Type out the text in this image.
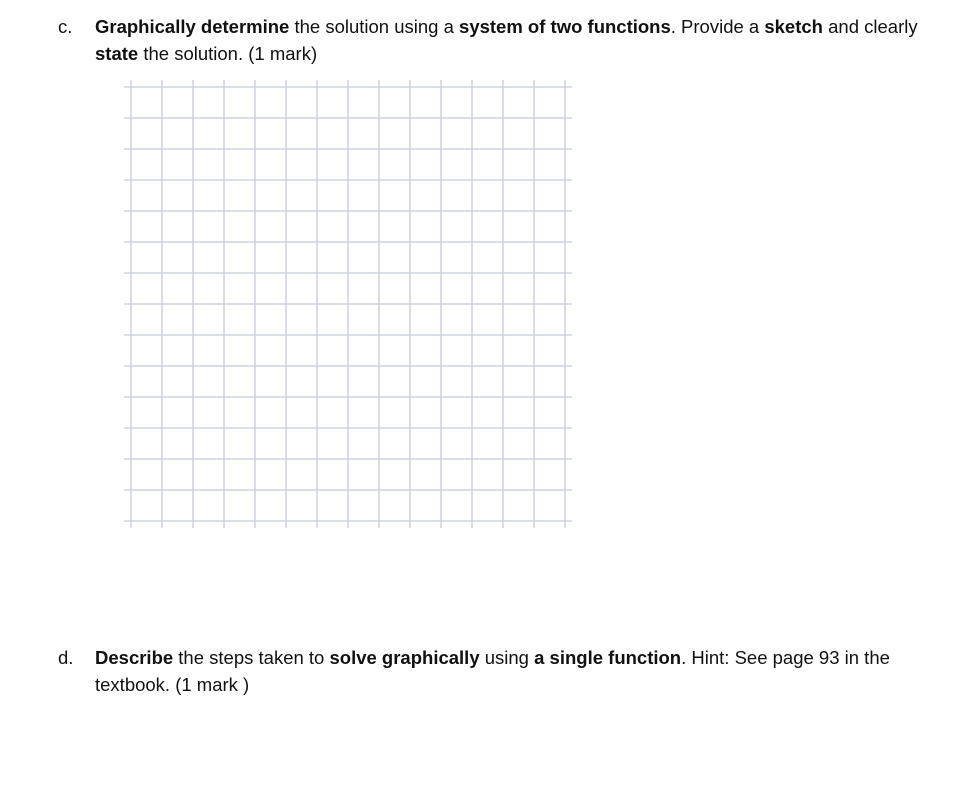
c. Graphically determine the solution using a system of two functions. Provide a sketch and clearly state the solution. (1 mark)
d. Describe the steps taken to solve graphically using a single function. Hint: See page 93 in the textbook. (1 mark )
